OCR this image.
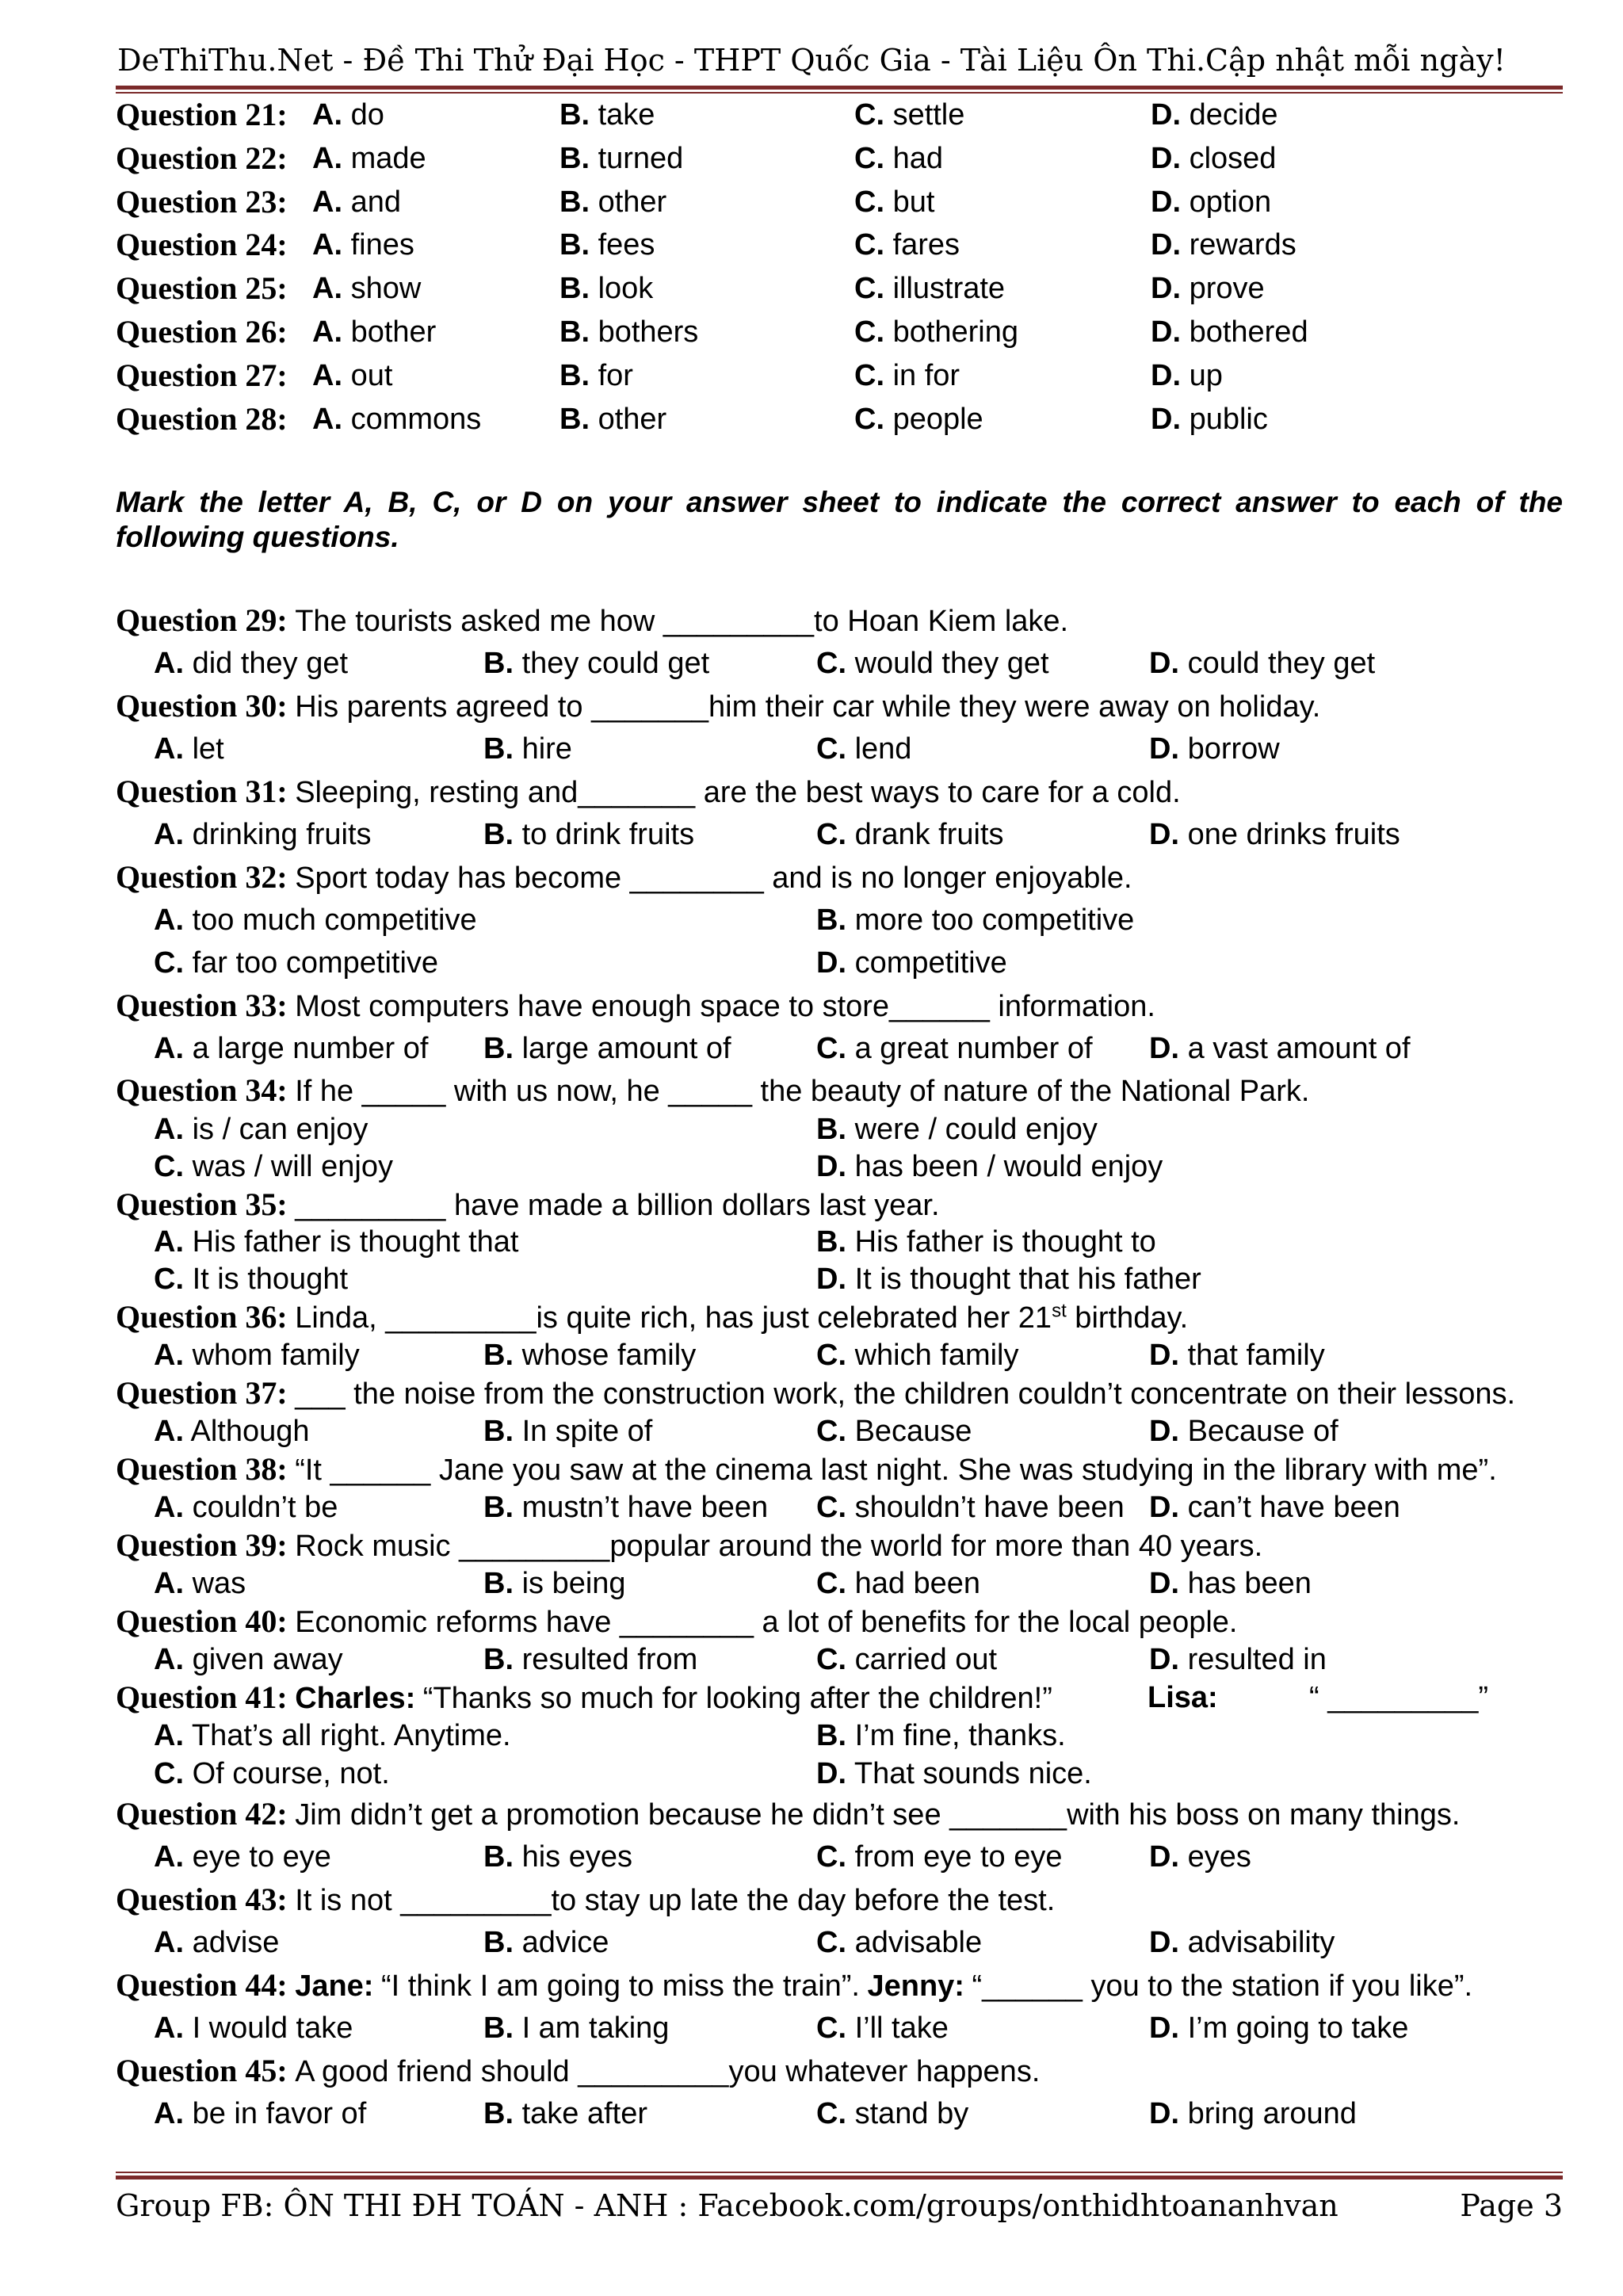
DeThiThu.Net - Đề Thi Thử Đại Học - THPT Quốc Gia - Tài Liệu Ôn Thi.Cập nhật mỗi ngày!
Question 21: A. do	B. take	C. settle	D. decide
Question 22: A. made	B. turned	C. had	D. closed
Question 23: A. and	B. other	C. but	D. option
Question 24: A. fines	B. fees	C. fares	D. rewards
Question 25: A. show	B. look	C. illustrate	D. prove
Question 26: A. bother	B. bothers	C. bothering	D. bothered
Question 27: A. out	B. for	C. in for	D. up
Question 28: A. commons	B. other	C. people	D. public
Mark the letter A, B, C, or D on your answer sheet to indicate the correct answer to each of the following questions.
Question 29: The tourists asked me how _________to Hoan Kiem lake.
A. did they get	B. they could get	C. would they get	D. could they get
Question 30: His parents agreed to _______him their car while they were away on holiday.
A. let	B. hire	C. lend	D. borrow
Question 31: Sleeping, resting and_______ are the best ways to care for a cold.
A. drinking fruits	B. to drink fruits	C. drank fruits	D. one drinks fruits
Question 32: Sport today has become ________ and is no longer enjoyable.
A. too much competitive	B. more too competitive
C. far too competitive	D. competitive
Question 33: Most computers have enough space to store______ information.
A. a large number of B. large amount of	C. a great number of D. a vast amount of
Question 34: If he _____ with us now, he _____ the beauty of nature of the National Park.
A. is / can enjoy	B. were / could enjoy
C. was / will enjoy	D. has been / would enjoy
Question 35: _________ have made a billion dollars last year.
A. His father is thought that	B. His father is thought to
C. It is thought	D. It is thought that his father
Question 36: Linda, _________is quite rich, has just celebrated her 21st birthday.
A. whom family	B. whose family	C. which family	D. that family
Question 37: ___ the noise from the construction work, the children couldn’t concentrate on their lessons.
A. Although	B. In spite of	C. Because	D. Because of
Question 38: “It ______ Jane you saw at the cinema last night. She was studying in the library with me”.
A. couldn’t be	B. mustn’t have been C. shouldn’t have been D. can’t have been
Question 39: Rock music _________popular around the world for more than 40 years.
A. was	B. is being	C. had been	D. has been
Question 40: Economic reforms have ________ a lot of benefits for the local people.
A. given away	B. resulted from	C. carried out	D. resulted in
Question 41: Charles: “Thanks so much for looking after the children!”	Lisa:	“ _________”
A. That’s all right. Anytime.	B. I’m fine, thanks.
C. Of course, not.	D. That sounds nice.
Question 42: Jim didn’t get a promotion because he didn’t see _______with his boss on many things.
A. eye to eye	B. his eyes	C. from eye to eye	D. eyes
Question 43: It is not _________to stay up late the day before the test.
A. advise	B. advice	C. advisable	D. advisability
Question 44: Jane: “I think I am going to miss the train”. Jenny: “______ you to the station if you like”.
A. I would take	B. I am taking	C. I’ll take	D. I’m going to take
Question 45: A good friend should _________you whatever happens.
A. be in favor of	B. take after	C. stand by	D. bring around
Group FB: ÔN THI ĐH TOÁN - ANH : Facebook.com/groups/onthidhtoananhvan	Page 3
